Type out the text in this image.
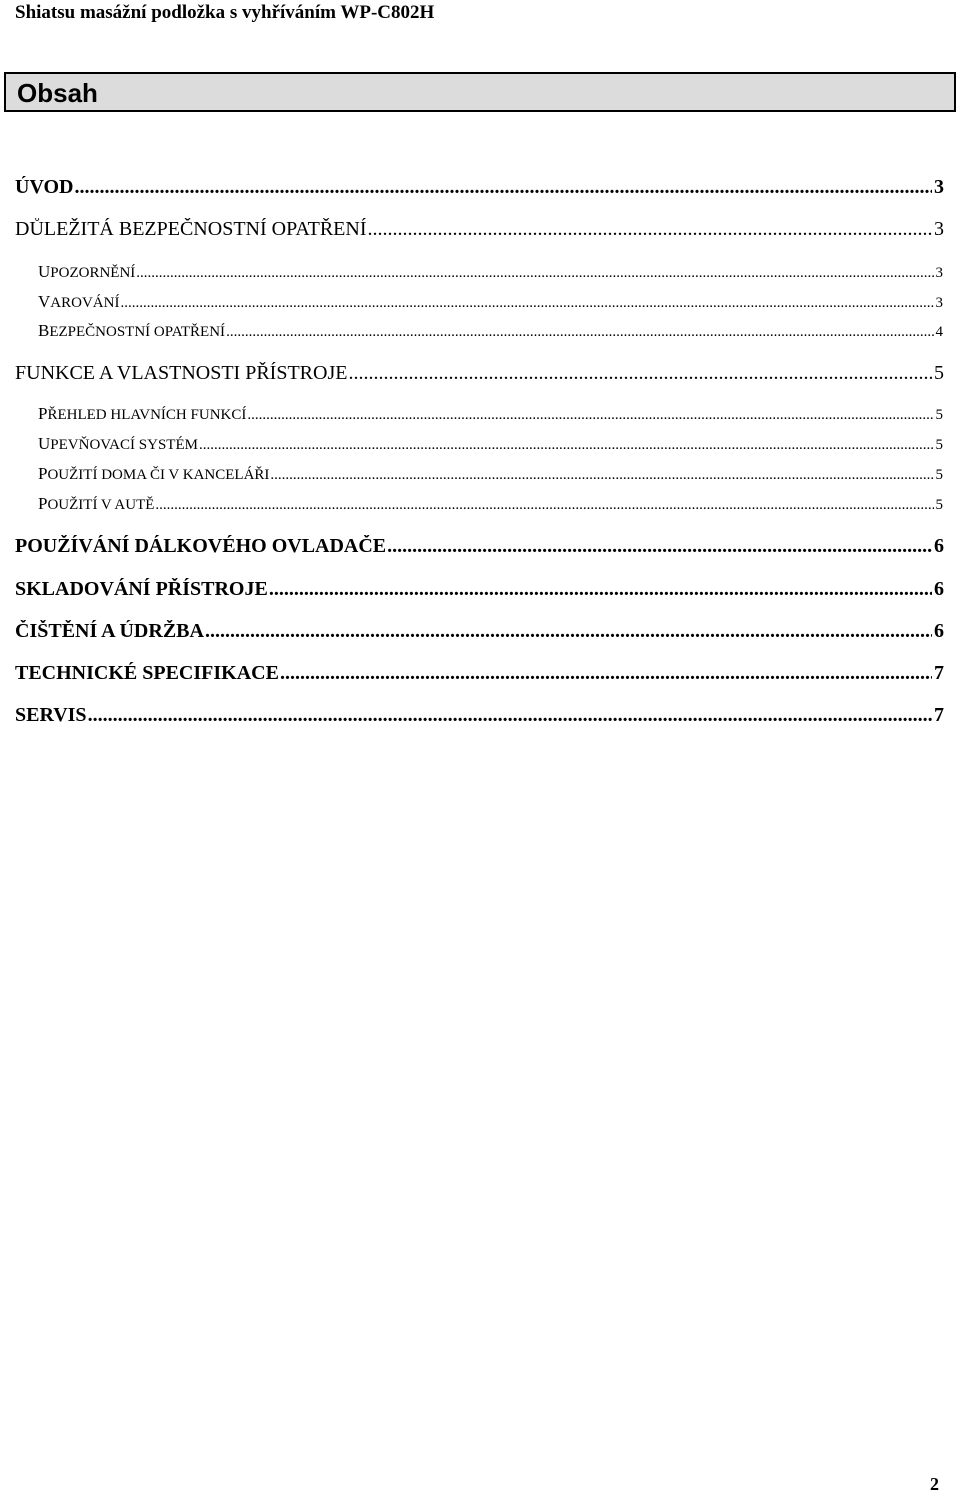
Shiatsu masážní podložka s vyhříváním WP-C802H
Obsah
ÚVOD .....	3
DŮLEŽITÁ BEZPEČNOSTNÍ OPATŘENÍ .....	3
UPOZORNĚNÍ .....	3
VAROVÁNÍ .....	3
BEZPEČNOSTNÍ OPATŘENÍ .....	4
FUNKCE A VLASTNOSTI PŘÍSTROJE .....	5
PŘEHLED HLAVNÍCH FUNKCÍ .....	5
UPEVŇOVACÍ SYSTÉM .....	5
POUŽITÍ DOMA ČI V KANCELÁŘI .....	5
POUŽITÍ V AUTĚ .....	5
POUŽÍVÁNÍ DÁLKOVÉHO OVLADAČE .....	6
SKLADOVÁNÍ PŘÍSTROJE .....	6
ČIŠTĚNÍ A ÚDRŽBA .....	6
TECHNICKÉ SPECIFIKACE .....	7
SERVIS .....	7
2
